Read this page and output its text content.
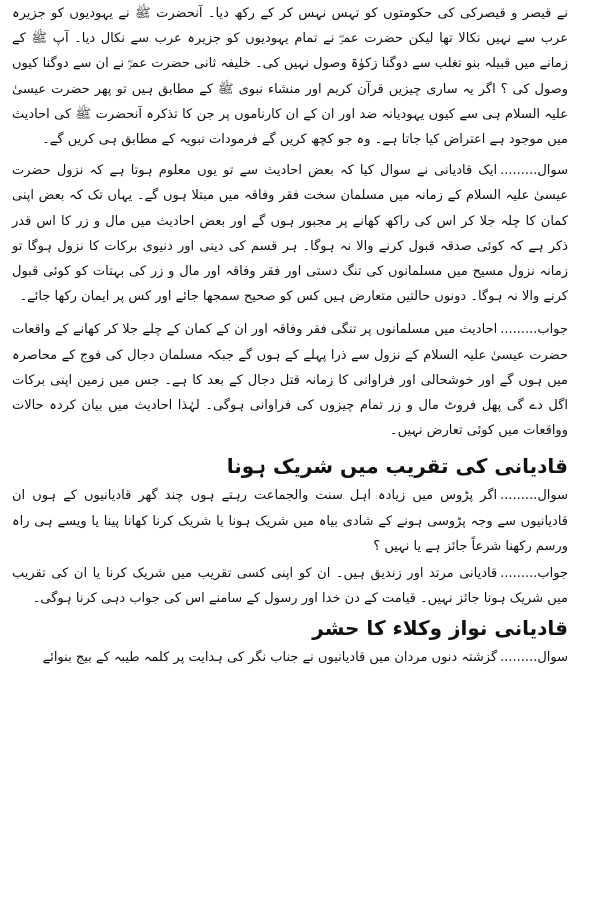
نے قیصر و قیصرکی کی حکومتوں کو تہس نہس کر کے رکھ دیا۔ آنحضرت ﷺ نے یہودیوں کو جزیرہ عرب سے نہیں نکالا تھا لیکن حضرت عمرؓ نے تمام یہودیوں کو جزیرہ عرب سے نکال دیا۔ آپ ﷺ کے زمانے میں قبیلہ بنو تغلب سے دوگنا زکوٰۃ وصول نہیں کی۔ خلیفہ ثانی حضرت عمرؓ نے ان سے دوگنا کیوں وصول کی ؟ اگر یہ ساری چیزیں قرآن کریم اور منشاء نبوی ﷺ کے مطابق ہیں تو پھر حضرت عیسیٰ علیہ السلام ہی سے کیوں یہودیانہ ضد اور ان کے ان کارناموں پر جن کا تذکرہ آنحضرت ﷺ کی احادیث میں موجود ہے اعتراض کیا جاتا ہے۔ وہ جو کچھ کریں گے فرمودات نبویہ کے مطابق ہی کریں گے۔

سوال.........ایک قادیانی نے سوال کیا کہ بعض احادیث سے تو یوں معلوم ہوتا ہے کہ نزول حضرت عیسیٰ علیہ السلام کے زمانہ میں مسلمان سخت فقر وفاقہ میں مبتلا ہوں گے۔ یہاں تک کہ بعض اپنی کمان کا چلہ جلا کر اس کی راکھ کھانے پر مجبور ہوں گے اور بعض احادیث میں مال و زر کا اس قدر ذکر ہے کہ کوئی صدقہ قبول کرنے والا نہ ہوگا۔ ہر قسم کی دینی اور دنیوی برکات کا نزول ہوگا تو زمانہ نزول مسیح میں مسلمانوں کی تنگ دستی اور فقر وفاقہ اور مال و زر کی بہتات کو کوئی قبول کرنے والا نہ ہوگا۔ دونوں حالتیں متعارض ہیں کس کو صحیح سمجھا جائے اور کس پر ایمان رکھا جائے۔

جواب.........احادیث میں مسلمانوں پر تنگی فقر وفاقہ اور ان کے کمان کے چلے جلا کر کھانے کے واقعات حضرت عیسیٰ علیہ السلام کے نزول سے ذرا پہلے کے ہوں گے جبکہ مسلمان دجال کی فوج کے محاصرہ میں ہوں گے اور خوشحالی اور فراوانی کا زمانہ قتل دجال کے بعد کا ہے۔ جس میں زمین اپنی برکات اگل دے گی پھل فروٹ مال و زر تمام چیزوں کی فراوانی ہوگی۔ لہٰذا احادیث میں بیان کردہ حالات وواقعات میں کوئی تعارض نہیں۔

قادیانی کی تقریب میں شریک ہونا

سوال.........اگر پڑوس میں زیادہ اہل سنت والجماعت رہتے ہوں چند گھر قادیانیوں کے ہوں ان قادیانیوں سے وجہ پڑوسی ہونے کے شادی بیاہ میں شریک ہونا یا شریک کرنا کھانا پینا یا ویسے ہی راہ ورسم رکھنا شرعاً جائز ہے یا نہیں ؟

جواب.........قادیانی مرتد اور زندیق ہیں۔ ان کو اپنی کسی تقریب میں شریک کرنا یا ان کی تقریب میں شریک ہونا جائز نہیں۔ قیامت کے دن خدا اور رسول کے سامنے اس کی جواب دہی کرنا ہوگی۔

قادیانی نواز وکلاء کا حشر

سوال.........گزشتہ دنوں مردان میں قادیانیوں نے جناب نگر کی ہدایت پر کلمہ طیبہ کے بیج بنوائے
